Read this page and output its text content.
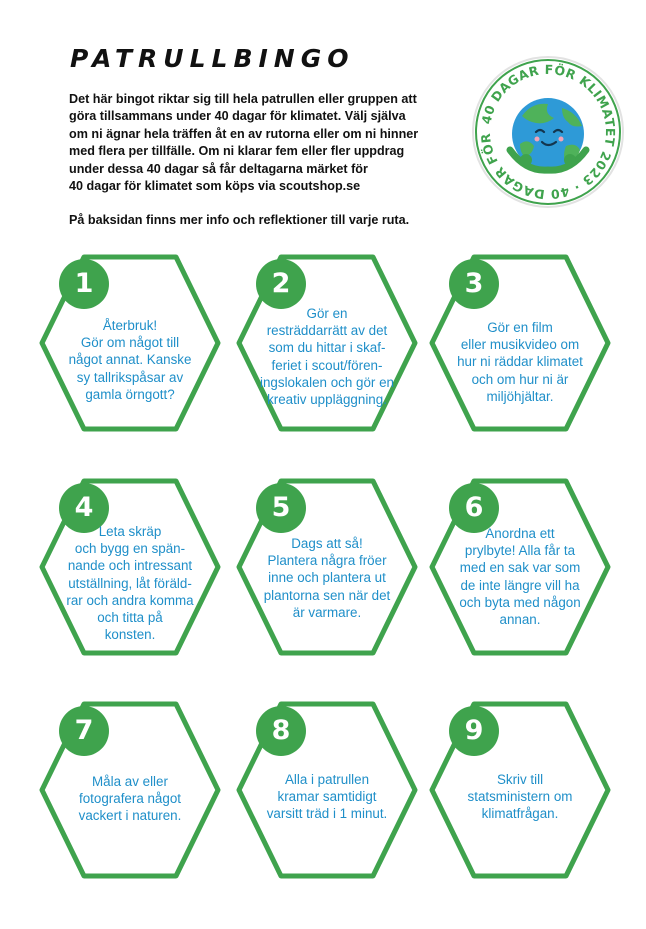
PATRULLBINGO

Det här bingot riktar sig till hela patrullen eller gruppen att
göra tillsammans under 40 dagar för klimatet. Välj själva
om ni ägnar hela träffen åt en av rutorna eller om ni hinner
med flera per tillfälle. Om ni klarar fem eller fler uppdrag
under dessa 40 dagar så får deltagarna märket för
40 dagar för klimatet som köps via scoutshop.se

På baksidan finns mer info och reflektioner till varje ruta.

40 DAGAR FÖR KLIMATET 2023 · 40 DAGAR FÖR
1
Återbruk!
Gör om något till
något annat. Kanske
sy tallrikspåsar av
gamla örngott?
2
Gör en
resträddarrätt av det
som du hittar i skaf-
feriet i scout/fören-
ingslokalen och gör en
kreativ uppläggning.
3
Gör en film
eller musikvideo om
hur ni räddar klimatet
och om hur ni är
miljöhjältar.
4
Leta skräp
och bygg en spän-
nande och intressant
utställning, låt föräld-
rar och andra komma
och titta på
konsten.
5
Dags att så!
Plantera några fröer
inne och plantera ut
plantorna sen när det
är varmare.
6
Anordna ett
prylbyte! Alla får ta
med en sak var som
de inte längre vill ha
och byta med någon
annan.
7
Måla av eller
fotografera något
vackert i naturen.
8
Alla i patrullen
kramar samtidigt
varsitt träd i 1 minut.
9
Skriv till
statsministern om
klimatfrågan.
